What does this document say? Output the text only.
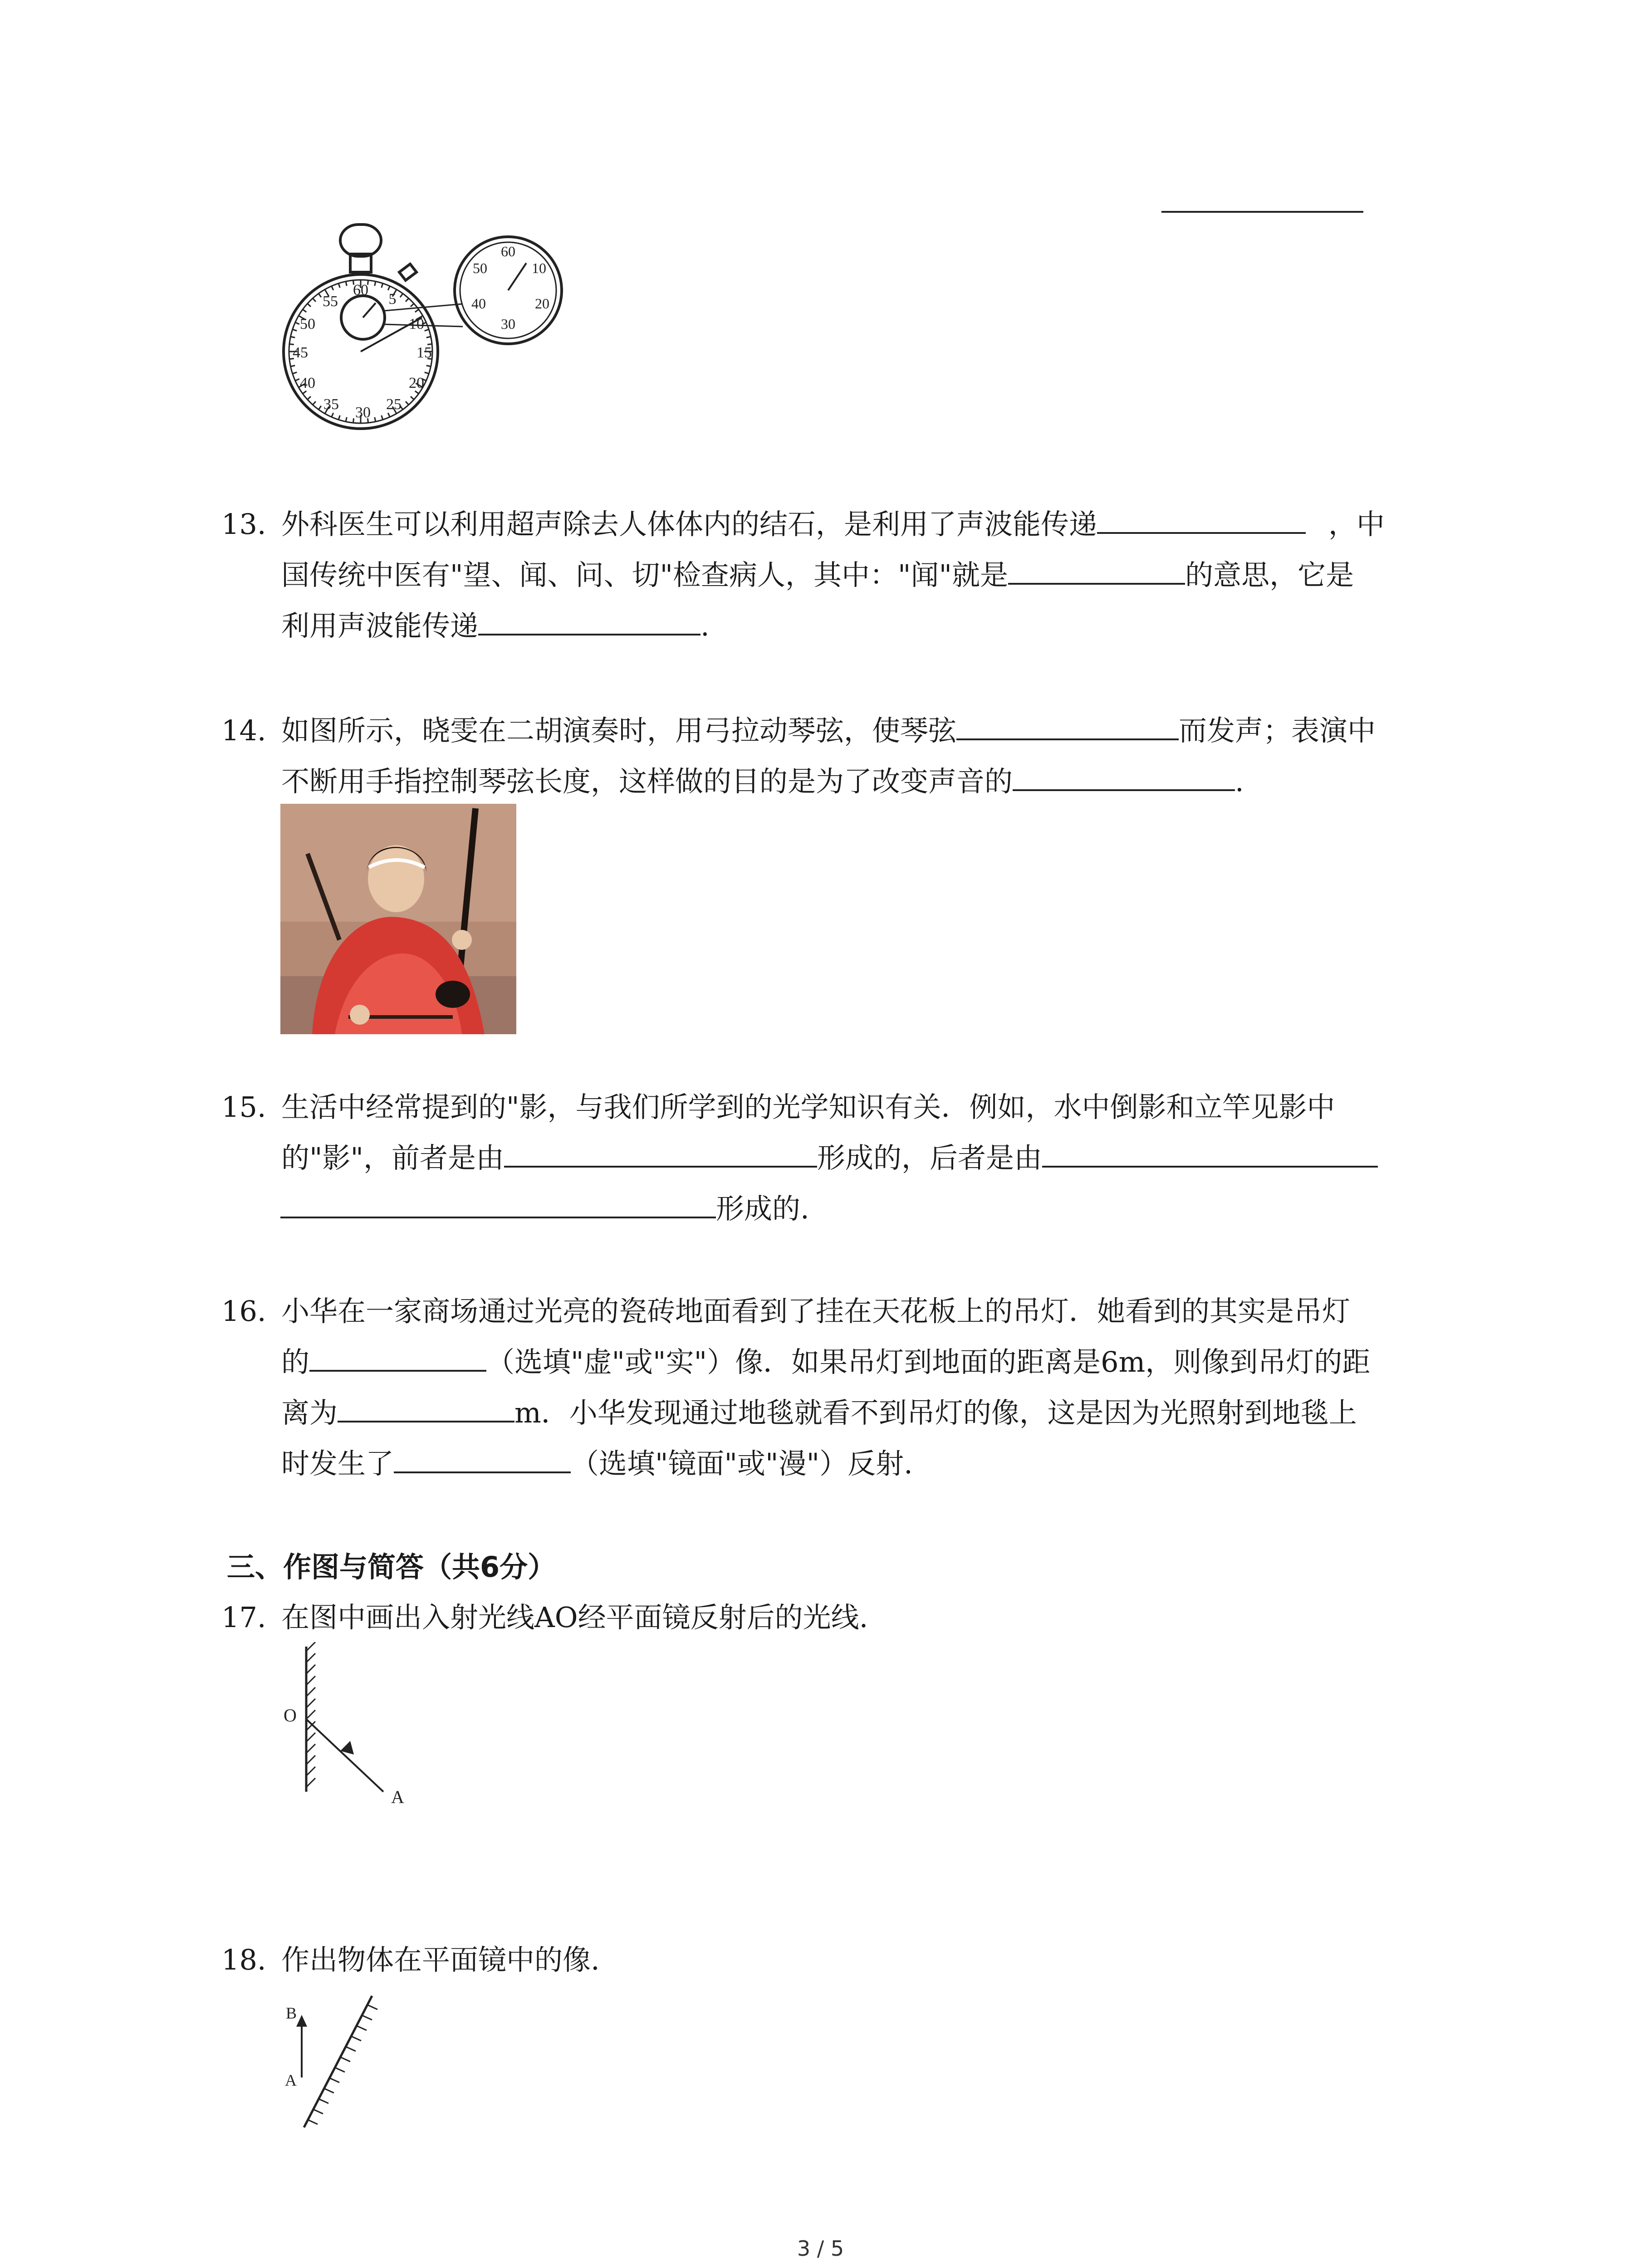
60
5
10
15
20
25
30
35
40
45
50
55
60
10
20
30
40
50
13. 外科医生可以利用超声除去人体体内的结石，是利用了声波能传递	，中
国传统中医有"望、闻、问、切"检查病人，其中："闻"就是	的意思，它是
利用声波能传递	.
14. 如图所示，晓雯在二胡演奏时，用弓拉动琴弦，使琴弦	而发声；表演中
不断用手指控制琴弦长度，这样做的目的是为了改变声音的	.
15. 生活中经常提到的"影，与我们所学到的光学知识有关．例如，水中倒影和立竿见影中
的"影"，前者是由	形成的，后者是由
形成的.
16. 小华在一家商场通过光亮的瓷砖地面看到了挂在天花板上的吊灯．她看到的其实是吊灯
的	（选填"虚"或"实"）像．如果吊灯到地面的距离是6m，则像到吊灯的距
离为	m．小华发现通过地毯就看不到吊灯的像，这是因为光照射到地毯上
时发生了	（选填"镜面"或"漫"）反射.
三、作图与简答（共6分）
17. 在图中画出入射光线AO经平面镜反射后的光线.
O
A
18. 作出物体在平面镜中的像.
B
A
3 / 5
